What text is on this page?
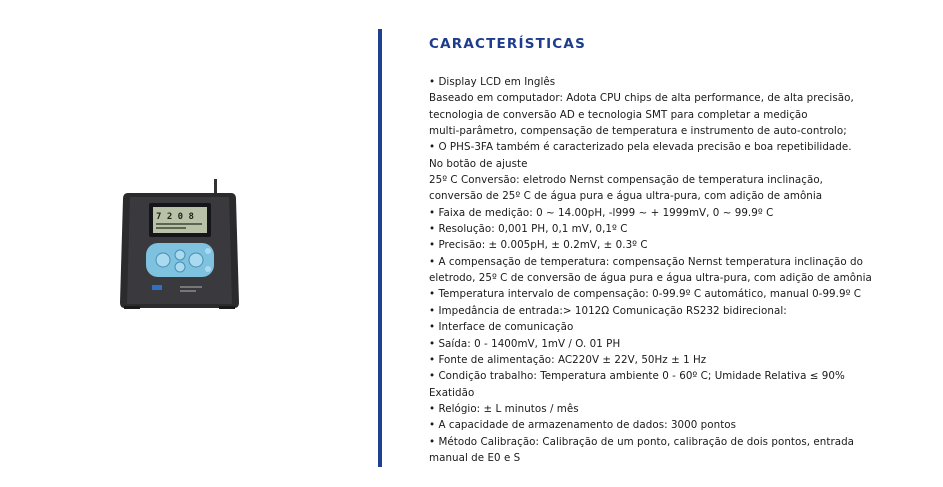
7 2 0 8
CARACTERÍSTICAS
• Display LCD em Inglês
Baseado em computador: Adota CPU chips de alta performance, de alta precisão,
tecnologia de conversão AD e tecnologia SMT para completar a medição
multi-parâmetro, compensação de temperatura e instrumento de auto-controlo;
• O PHS-3FA também é caracterizado pela elevada precisão e boa repetibilidade.
No botão de ajuste
25º C Conversão: eletrodo Nernst compensação de temperatura inclinação,
conversão de 25º C de água pura e água ultra-pura, com adição de amônia
• Faixa de medição: 0 ~ 14.00pH, -l999 ~ + 1999mV, 0 ~ 99.9º C
• Resolução: 0,001 PH, 0,1 mV, 0,1º C
• Precisão: ± 0.005pH, ± 0.2mV, ± 0.3º C
• A compensação de temperatura: compensação Nernst temperatura inclinação do
eletrodo, 25º C de conversão de água pura e água ultra-pura, com adição de amônia
• Temperatura intervalo de compensação: 0-99.9º C automático, manual 0-99.9º C
• Impedância de entrada:> 1012Ω Comunicação RS232 bidirecional:
• Interface de comunicação
• Saída: 0 - 1400mV, 1mV / O. 01 PH
• Fonte de alimentação: AC220V ± 22V, 50Hz ± 1 Hz
• Condição trabalho: Temperatura ambiente 0 - 60º C; Umidade Relativa ≤ 90%
Exatidão
• Relógio: ± L minutos / mês
• A capacidade de armazenamento de dados: 3000 pontos
• Método Calibração: Calibração de um ponto, calibração de dois pontos, entrada
manual de E0 e S
